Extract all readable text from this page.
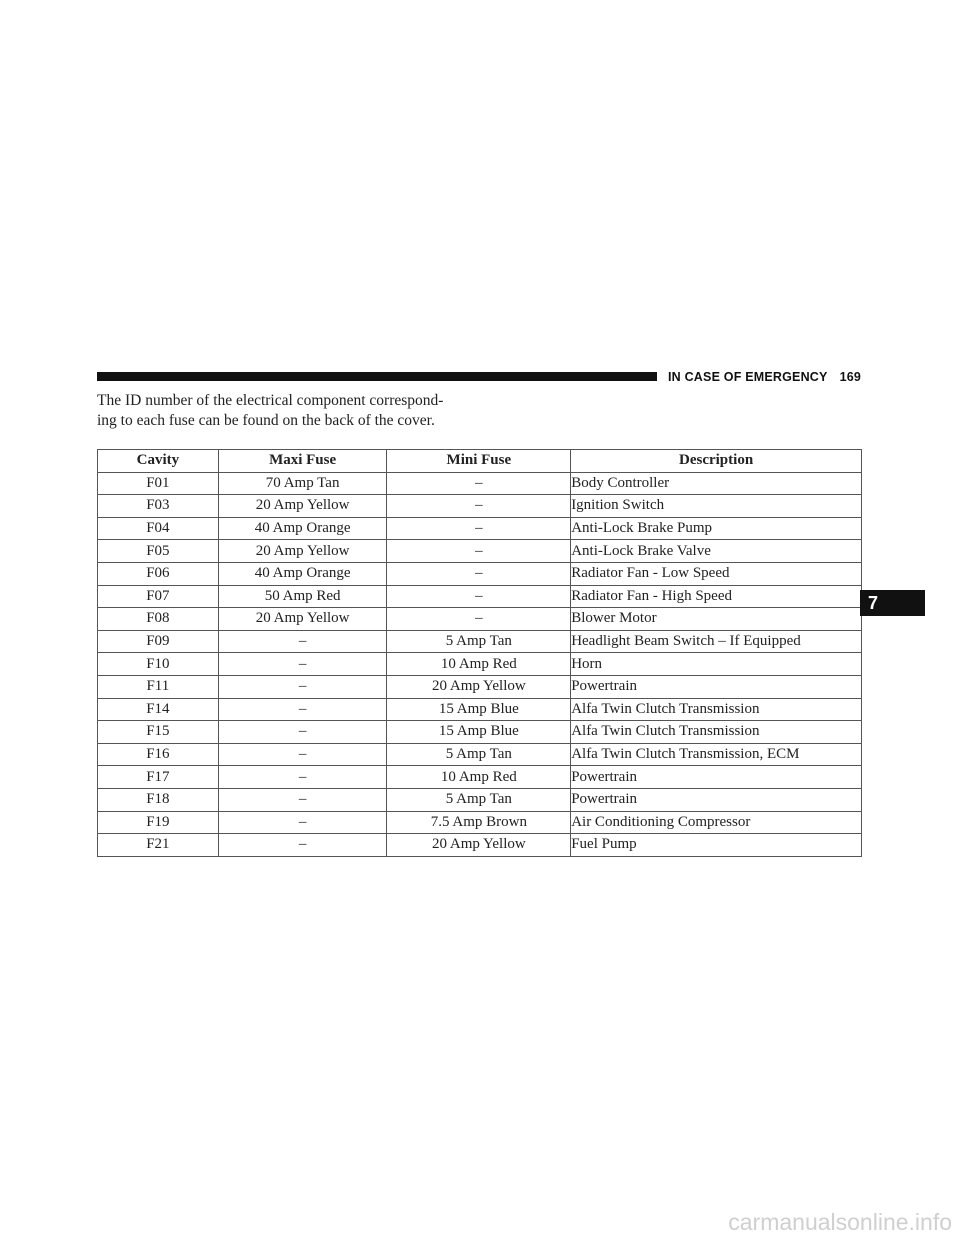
IN CASE OF EMERGENCY 169
The ID number of the electrical component correspond-
ing to each fuse can be found on the back of the cover.
Cavity	Maxi Fuse	Mini Fuse	Description
F01	70 Amp Tan	–	Body Controller
F03	20 Amp Yellow	–	Ignition Switch
F04	40 Amp Orange	–	Anti-Lock Brake Pump
F05	20 Amp Yellow	–	Anti-Lock Brake Valve
F06	40 Amp Orange	–	Radiator Fan - Low Speed
F07	50 Amp Red	–	Radiator Fan - High Speed
F08	20 Amp Yellow	–	Blower Motor
F09	–	5 Amp Tan	Headlight Beam Switch – If Equipped
F10	–	10 Amp Red	Horn
F11	–	20 Amp Yellow	Powertrain
F14	–	15 Amp Blue	Alfa Twin Clutch Transmission
F15	–	15 Amp Blue	Alfa Twin Clutch Transmission
F16	–	5 Amp Tan	Alfa Twin Clutch Transmission, ECM
F17	–	10 Amp Red	Powertrain
F18	–	5 Amp Tan	Powertrain
F19	–	7.5 Amp Brown	Air Conditioning Compressor
F21	–	20 Amp Yellow	Fuel Pump
7
carmanualsonline.info
